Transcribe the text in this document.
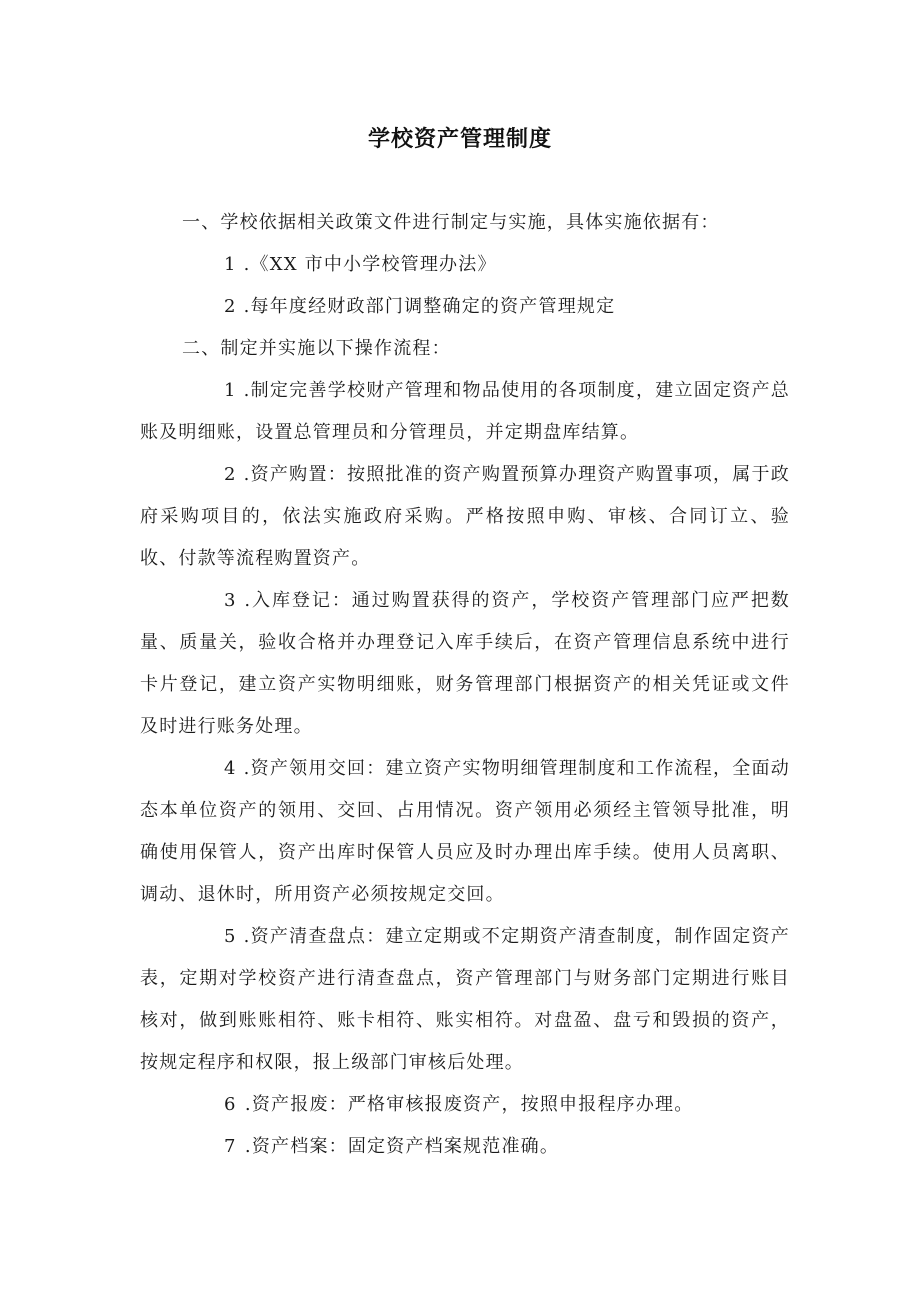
学校资产管理制度

一、学校依据相关政策文件进行制定与实施，具体实施依据有：

1 .《XX 市中小学校管理办法》

2 .每年度经财政部门调整确定的资产管理规定

二、制定并实施以下操作流程：

1 .制定完善学校财产管理和物品使用的各项制度，建立固定资产总账及明细账，设置总管理员和分管理员，并定期盘库结算。

2 .资产购置：按照批准的资产购置预算办理资产购置事项，属于政府采购项目的，依法实施政府采购。严格按照申购、审核、合同订立、验收、付款等流程购置资产。

3 .入库登记：通过购置获得的资产，学校资产管理部门应严把数量、质量关，验收合格并办理登记入库手续后，在资产管理信息系统中进行卡片登记，建立资产实物明细账，财务管理部门根据资产的相关凭证或文件及时进行账务处理。

4 .资产领用交回：建立资产实物明细管理制度和工作流程，全面动态本单位资产的领用、交回、占用情况。资产领用必须经主管领导批准，明确使用保管人，资产出库时保管人员应及时办理出库手续。使用人员离职、调动、退休时，所用资产必须按规定交回。

5 .资产清查盘点：建立定期或不定期资产清查制度，制作固定资产表，定期对学校资产进行清查盘点，资产管理部门与财务部门定期进行账目核对，做到账账相符、账卡相符、账实相符。对盘盈、盘亏和毁损的资产，按规定程序和权限，报上级部门审核后处理。

6 .资产报废：严格审核报废资产，按照申报程序办理。

7 .资产档案：固定资产档案规范准确。
